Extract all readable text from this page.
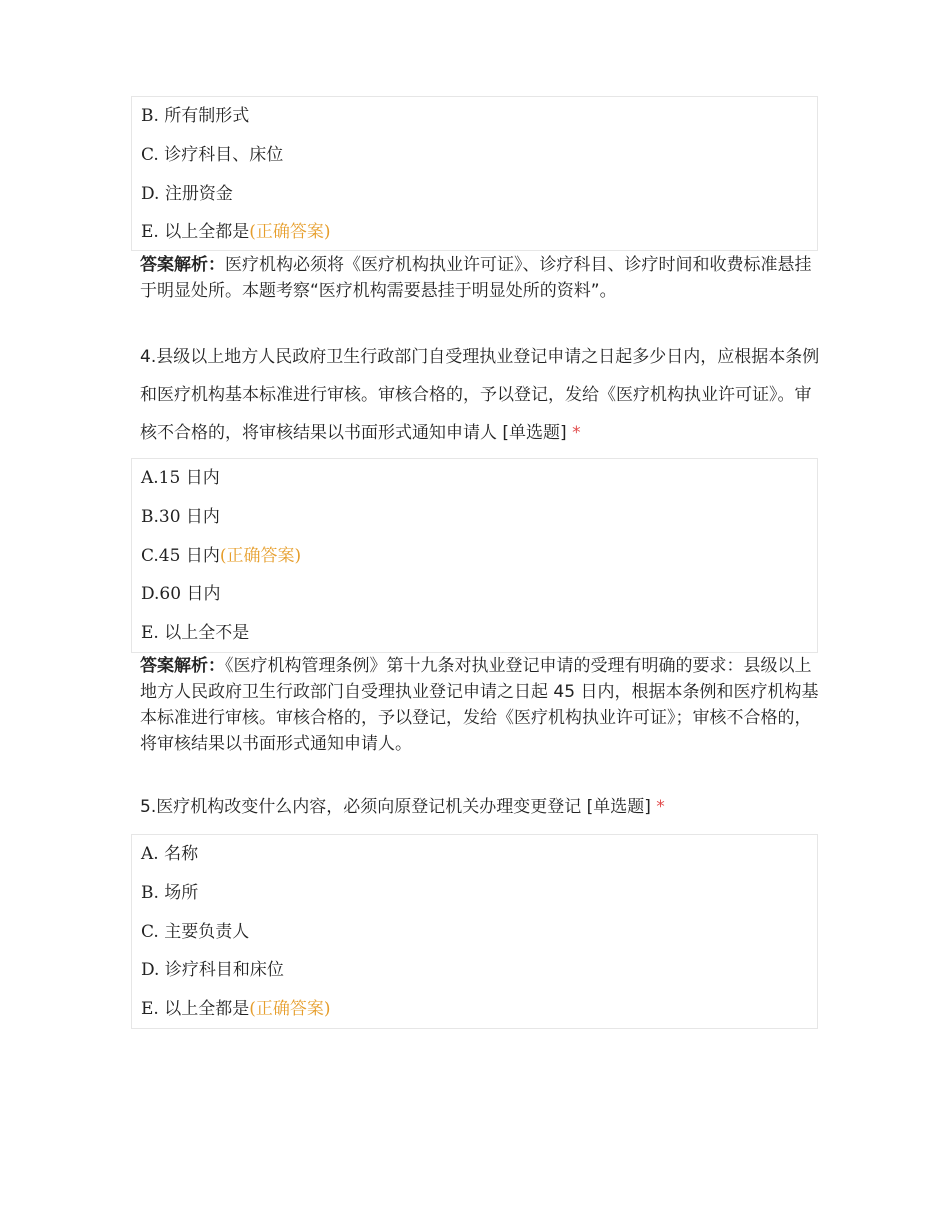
B. 所有制形式
C. 诊疗科目、床位
D. 注册资金
E. 以上全都是(正确答案)
答案解析：医疗机构必须将《医疗机构执业许可证》、诊疗科目、诊疗时间和收费标准悬挂于明显处所。本题考察“医疗机构需要悬挂于明显处所的资料”。
4.县级以上地方人民政府卫生行政部门自受理执业登记申请之日起多少日内，应根据本条例和医疗机构基本标准进行审核。审核合格的，予以登记，发给《医疗机构执业许可证》。审核不合格的，将审核结果以书面形式通知申请人 [单选题] *
A.15 日内
B.30 日内
C.45 日内(正确答案)
D.60 日内
E. 以上全不是
答案解析：《医疗机构管理条例》第十九条对执业登记申请的受理有明确的要求：县级以上地方人民政府卫生行政部门自受理执业登记申请之日起 45 日内，根据本条例和医疗机构基本标准进行审核。审核合格的，予以登记，发给《医疗机构执业许可证》；审核不合格的，将审核结果以书面形式通知申请人。
5.医疗机构改变什么内容，必须向原登记机关办理变更登记 [单选题] *
A. 名称
B. 场所
C. 主要负责人
D. 诊疗科目和床位
E. 以上全都是(正确答案)
